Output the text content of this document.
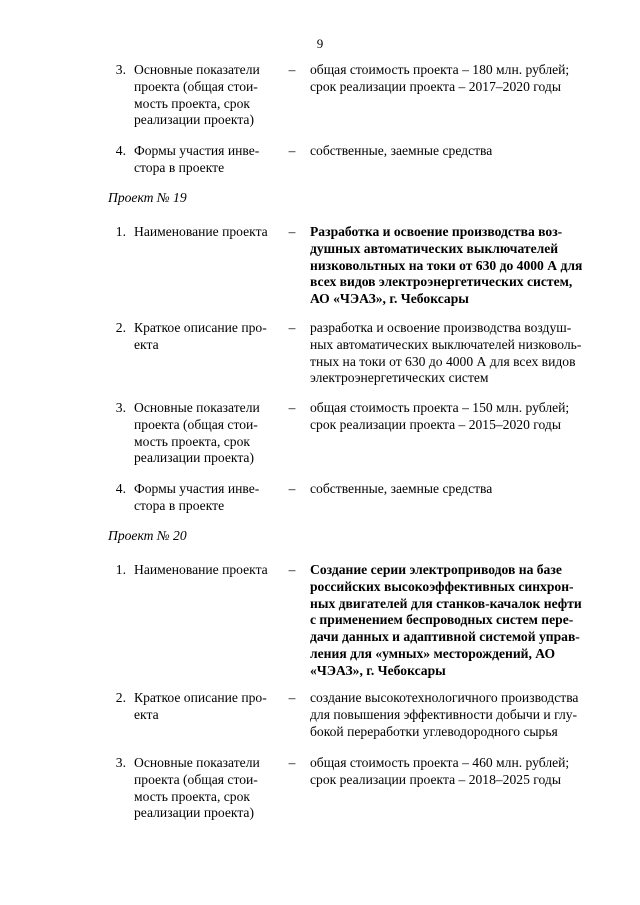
9
3. Основные показатели
проекта (общая стои-
мость проекта, срок
реализации проекта)
– общая стоимость проекта – 180 млн. рублей;
срок реализации проекта – 2017–2020 годы
4. Формы участия инве-
стора в проекте
– собственные, заемные средства
Проект № 19
1. Наименование проекта	– Разработка и освоение производства воз-
душных автоматических выключателей
низковольтных на токи от 630 до 4000 А для
всех видов электроэнергетических систем,
АО «ЧЭАЗ», г. Чебоксары
2. Краткое описание про-
екта
– разработка и освоение производства воздуш-
ных автоматических выключателей низковоль-
тных на токи от 630 до 4000 А для всех видов
электроэнергетических систем
3. Основные показатели
проекта (общая стои-
мость проекта, срок
реализации проекта)
– общая стоимость проекта – 150 млн. рублей;
срок реализации проекта – 2015–2020 годы
4. Формы участия инве-
стора в проекте
– собственные, заемные средства
Проект № 20
1. Наименование проекта	– Создание серии электроприводов на базе
российских высокоэффективных синхрон-
ных двигателей для станков-качалок нефти
с применением беспроводных систем пере-
дачи данных и адаптивной системой управ-
ления для «умных» месторождений, АО
«ЧЭАЗ», г. Чебоксары
2. Краткое описание про-
екта
– создание высокотехнологичного производства
для повышения эффективности добычи и глу-
бокой переработки углеводородного сырья
3. Основные показатели
проекта (общая стои-
мость проекта, срок
реализации проекта)
– общая стоимость проекта – 460 млн. рублей;
срок реализации проекта – 2018–2025 годы
